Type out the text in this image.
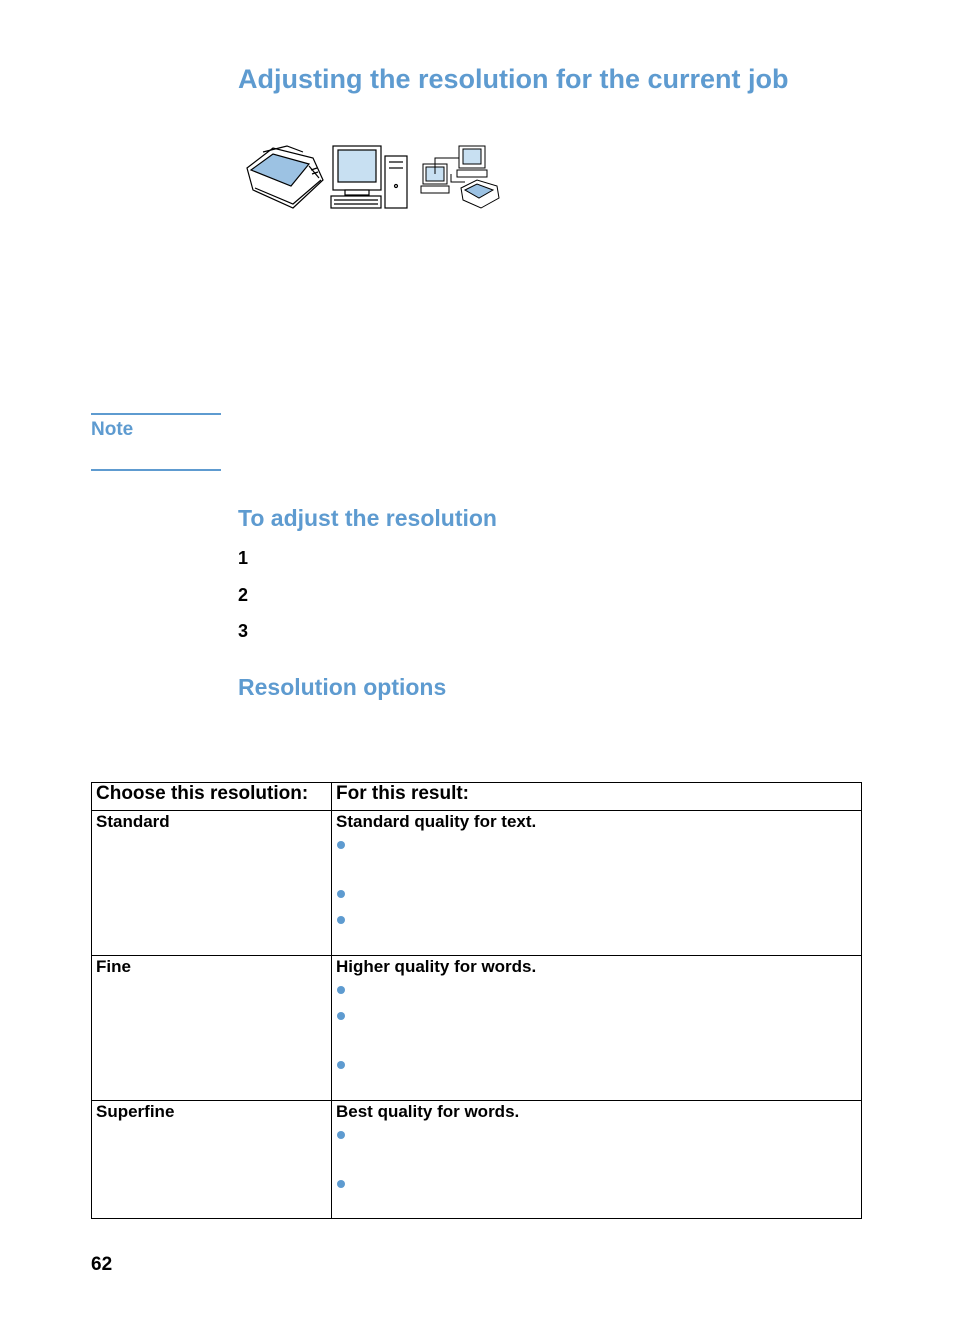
Adjusting the resolution for the current job
Note
To adjust the resolution
1
2
3
Resolution options
Choose this resolution:	For this result:
Standard	Standard quality for text.

Fine	Higher quality for words.

Superfine	Best quality for words.
62
